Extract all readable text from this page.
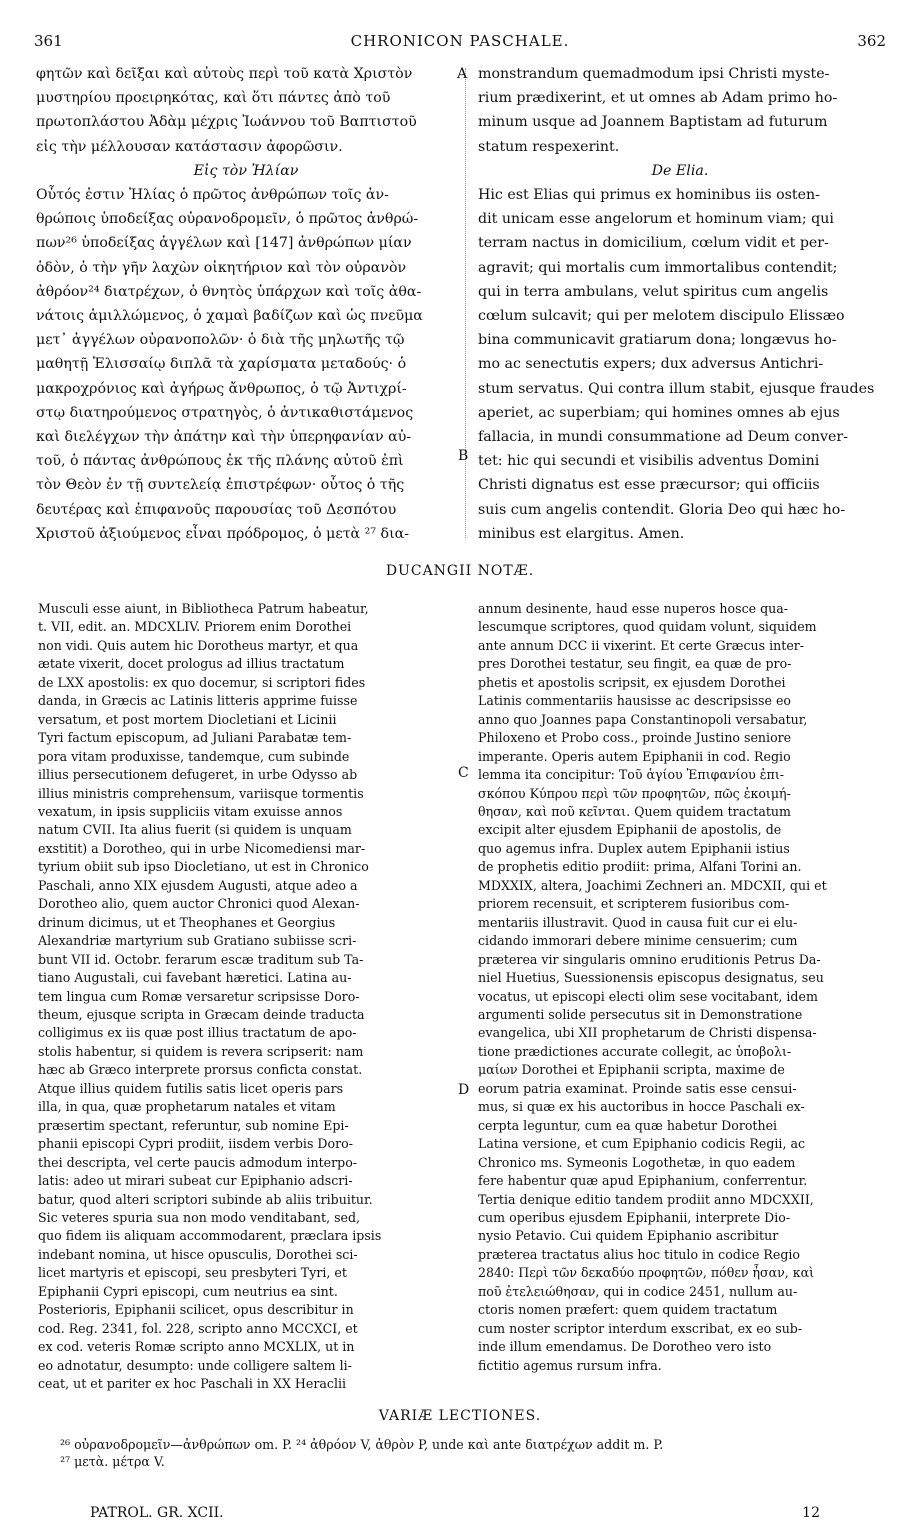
361	CHRONICON PASCHALE.	362
φητῶν καὶ δεῖξαι καὶ αὐτοὺς περὶ τοῦ κατὰ Χριστὸν
μυστηρίου προειρηκότας, καὶ ὅτι πάντες ἀπὸ τοῦ
πρωτοπλάστου Ἀδὰμ μέχρις Ἰωάννου τοῦ Βαπτιστοῦ
εἰς τὴν μέλλουσαν κατάστασιν ἀφορῶσιν.
Εἰς τὸν Ἠλίαν
Οὗτός ἐστιν Ἠλίας ὁ πρῶτος ἀνθρώπων τοῖς ἀν-
θρώποις ὑποδείξας οὐρανοδρομεῖν, ὁ πρῶτος ἀνθρώ-
πων²⁶ ὑποδείξας ἀγγέλων καὶ [147] ἀνθρώπων μίαν
ὁδὸν, ὁ τὴν γῆν λαχὼν οἰκητήριον καὶ τὸν οὐρανὸν
ἀθρόον²⁴ διατρέχων, ὁ θνητὸς ὑπάρχων καὶ τοῖς ἀθα-
νάτοις ἁμιλλώμενος, ὁ χαμαὶ βαδίζων καὶ ὡς πνεῦμα
μετ᾽ ἀγγέλων οὐρανοπολῶν· ὁ διὰ τῆς μηλωτῆς τῷ
μαθητῇ Ἐλισσαίῳ διπλᾶ τὰ χαρίσματα μεταδούς· ὁ
μακροχρόνιος καὶ ἀγήρως ἄνθρωπος, ὁ τῷ Ἀντιχρί-
στῳ διατηρούμενος στρατηγὸς, ὁ ἀντικαθιστάμενος
καὶ διελέγχων τὴν ἀπάτην καὶ τὴν ὑπερηφανίαν αὐ-
τοῦ, ὁ πάντας ἀνθρώπους ἐκ τῆς πλάνης αὐτοῦ ἐπὶ
τὸν Θεὸν ἐν τῇ συντελείᾳ ἐπιστρέφων· οὗτος ὁ τῆς
δευτέρας καὶ ἐπιφανοῦς παρουσίας τοῦ Δεσπότου
Χριστοῦ ἀξιούμενος εἶναι πρόδρομος, ὁ μετὰ ²⁷ δια-
monstrandum quemadmodum ipsi Christi myste-
rium prædixerint, et ut omnes ab Adam primo ho-
minum usque ad Joannem Baptistam ad futurum
statum respexerint.
De Elia.
Hic est Elias qui primus ex hominibus iis osten-
dit unicam esse angelorum et hominum viam; qui
terram nactus in domicilium, cœlum vidit et per-
agravit; qui mortalis cum immortalibus contendit;
qui in terra ambulans, velut spiritus cum angelis
cœlum sulcavit; qui per melotem discipulo Elissæo
bina communicavit gratiarum dona; longævus ho-
mo ac senectutis expers; dux adversus Antichri-
stum servatus. Qui contra illum stabit, ejusque fraudes
aperiet, ac superbiam; qui homines omnes ab ejus
fallacia, in mundi consummatione ad Deum conver-
tet: hic qui secundi et visibilis adventus Domini
Christi dignatus est esse præcursor; qui officiis
suis cum angelis contendit. Gloria Deo qui hæc ho-
minibus est elargitus. Amen.
A
B
C
D
DUCANGII NOTÆ.
Musculi esse aiunt, in Bibliotheca Patrum habeatur,
t. VII, edit. an. MDCXLIV. Priorem enim Dorothei
non vidi. Quis autem hic Dorotheus martyr, et qua
ætate vixerit, docet prologus ad illius tractatum
de LXX apostolis: ex quo docemur, si scriptori fides
danda, in Græcis ac Latinis litteris apprime fuisse
versatum, et post mortem Diocletiani et Licinii
Tyri factum episcopum, ad Juliani Parabatæ tem-
pora vitam produxisse, tandemque, cum subinde
illius persecutionem defugeret, in urbe Odysso ab
illius ministris comprehensum, variisque tormentis
vexatum, in ipsis suppliciis vitam exuisse annos
natum CVII. Ita alius fuerit (si quidem is unquam
exstitit) a Dorotheo, qui in urbe Nicomediensi mar-
tyrium obiit sub ipso Diocletiano, ut est in Chronico
Paschali, anno XIX ejusdem Augusti, atque adeo a
Dorotheo alio, quem auctor Chronici quod Alexan-
drinum dicimus, ut et Theophanes et Georgius
Alexandriæ martyrium sub Gratiano subiisse scri-
bunt VII id. Octobr. ferarum escæ traditum sub Ta-
tiano Augustali, cui favebant hæretici. Latina au-
tem lingua cum Romæ versaretur scripsisse Doro-
theum, ejusque scripta in Græcam deinde traducta
colligimus ex iis quæ post illius tractatum de apo-
stolis habentur, si quidem is revera scripserit: nam
hæc ab Græco interprete prorsus conficta constat.
Atque illius quidem futilis satis licet operis pars
illa, in qua, quæ prophetarum natales et vitam
præsertim spectant, referuntur, sub nomine Epi-
phanii episcopi Cypri prodiit, iisdem verbis Doro-
thei descripta, vel certe paucis admodum interpo-
latis: adeo ut mirari subeat cur Epiphanio adscri-
batur, quod alteri scriptori subinde ab aliis tribuitur.
Sic veteres spuria sua non modo venditabant, sed,
quo fidem iis aliquam accommodarent, præclara ipsis
indebant nomina, ut hisce opusculis, Dorothei sci-
licet martyris et episcopi, seu presbyteri Tyri, et
Epiphanii Cypri episcopi, cum neutrius ea sint.
Posterioris, Epiphanii scilicet, opus describitur in
cod. Reg. 2341, fol. 228, scripto anno MCCXCI, et
ex cod. veteris Romæ scripto anno MCXLIX, ut in
eo adnotatur, desumpto: unde colligere saltem li-
ceat, ut et pariter ex hoc Paschali in XX Heraclii
annum desinente, haud esse nuperos hosce qua-
lescumque scriptores, quod quidam volunt, siquidem
ante annum DCC ii vixerint. Et certe Græcus inter-
pres Dorothei testatur, seu fingit, ea quæ de pro-
phetis et apostolis scripsit, ex ejusdem Dorothei
Latinis commentariis hausisse ac descripsisse eo
anno quo Joannes papa Constantinopoli versabatur,
Philoxeno et Probo coss., proinde Justino seniore
imperante. Operis autem Epiphanii in cod. Regio
lemma ita concipitur: Τοῦ ἁγίου Ἐπιφανίου ἐπι-
σκόπου Κύπρου περὶ τῶν προφητῶν, πῶς ἐκοιμή-
θησαν, καὶ ποῦ κεῖνται. Quem quidem tractatum
excipit alter ejusdem Epiphanii de apostolis, de
quo agemus infra. Duplex autem Epiphanii istius
de prophetis editio prodiit: prima, Alfani Torini an.
MDXXIX, altera, Joachimi Zechneri an. MDCXII, qui et
priorem recensuit, et scripterem fusioribus com-
mentariis illustravit. Quod in causa fuit cur ei elu-
cidando immorari debere minime censuerim; cum
præterea vir singularis omnino eruditionis Petrus Da-
niel Huetius, Suessionensis episcopus designatus, seu
vocatus, ut episcopi electi olim sese vocitabant, idem
argumenti solide persecutus sit in Demonstratione
evangelica, ubi XII prophetarum de Christi dispensa-
tione prædictiones accurate collegit, ac ὑποβολι-
μαίων Dorothei et Epiphanii scripta, maxime de
eorum patria examinat. Proinde satis esse censui-
mus, si quæ ex his auctoribus in hocce Paschali ex-
cerpta leguntur, cum ea quæ habetur Dorothei
Latina versione, et cum Epiphanio codicis Regii, ac
Chronico ms. Symeonis Logothetæ, in quo eadem
fere habentur quæ apud Epiphanium, conferrentur.
Tertia denique editio tandem prodiit anno MDCXXII,
cum operibus ejusdem Epiphanii, interprete Dio-
nysio Petavio. Cui quidem Epiphanio ascribitur
præterea tractatus alius hoc titulo in codice Regio
2840: Περὶ τῶν δεκαδύο προφητῶν, πόθεν ἦσαν, καὶ
ποῦ ἐτελειώθησαν, qui in codice 2451, nullum au-
ctoris nomen præfert: quem quidem tractatum
cum noster scriptor interdum exscribat, ex eo sub-
inde illum emendamus. De Dorotheo vero isto
fictitio agemus rursum infra.
VARIÆ LECTIONES.
²⁶ οὐρανοδρομεῖν—ἀνθρώπων om. P. ²⁴ ἀθρόον V, ἀθρὸν P, unde καὶ ante διατρέχων addit m. P.
²⁷ μετὰ. μέτρα V.
PATROL. GR. XCII.	12
